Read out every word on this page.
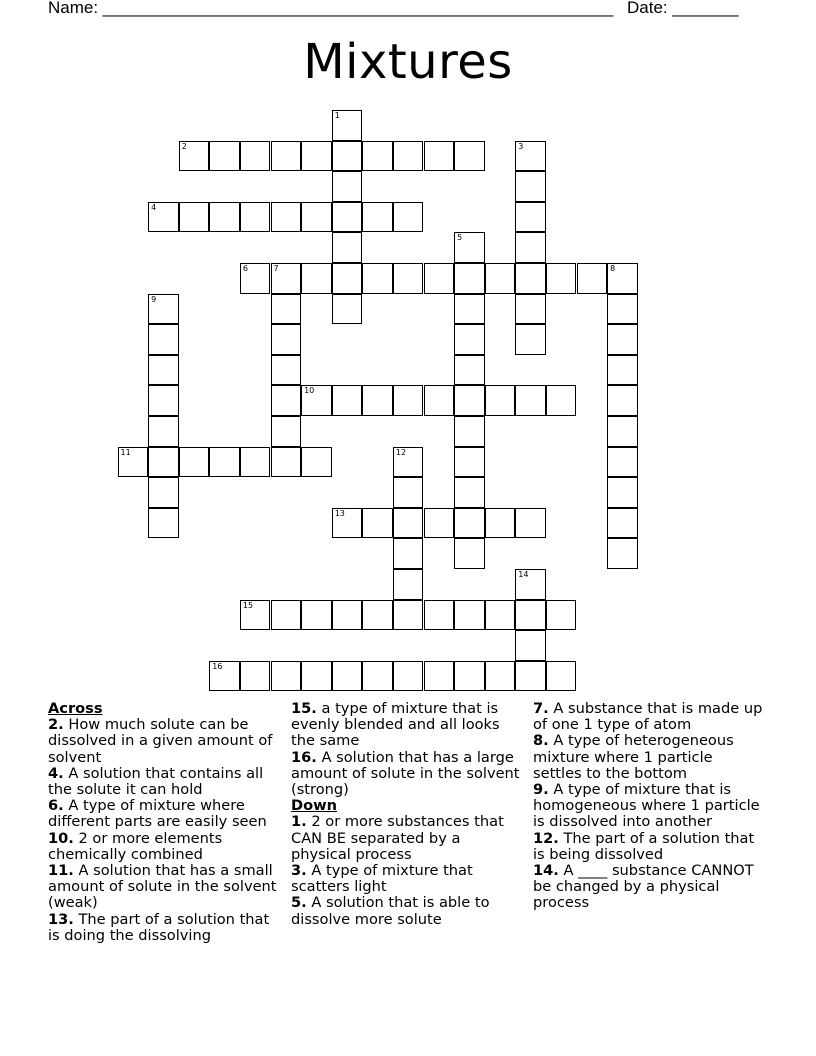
Name: ______________________________________________________ Date: _______
Mixtures
1
2	3
4
5
6	7	8
9
10
11	12
13
14
15
16

Across

2. How much solute can be dissolved in a given amount of solvent

4. A solution that contains all the solute it can hold

6. A type of mixture where different parts are easily seen

10. 2 or more elements chemically combined

11. A solution that has a small amount of solute in the solvent (weak)

13. The part of a solution that is doing the dissolving

15. a type of mixture that is evenly blended and all looks the same

16. A solution that has a large amount of solute in the solvent (strong)

Down

1. 2 or more substances that CAN BE separated by a physical process

3. A type of mixture that scatters light

5. A solution that is able to dissolve more solute

7. A substance that is made up of one 1 type of atom

8. A type of heterogeneous mixture where 1 particle settles to the bottom

9. A type of mixture that is homogeneous where 1 particle is dissolved into another

12. The part of a solution that is being dissolved

14. A ____ substance CANNOT be changed by a physical process
